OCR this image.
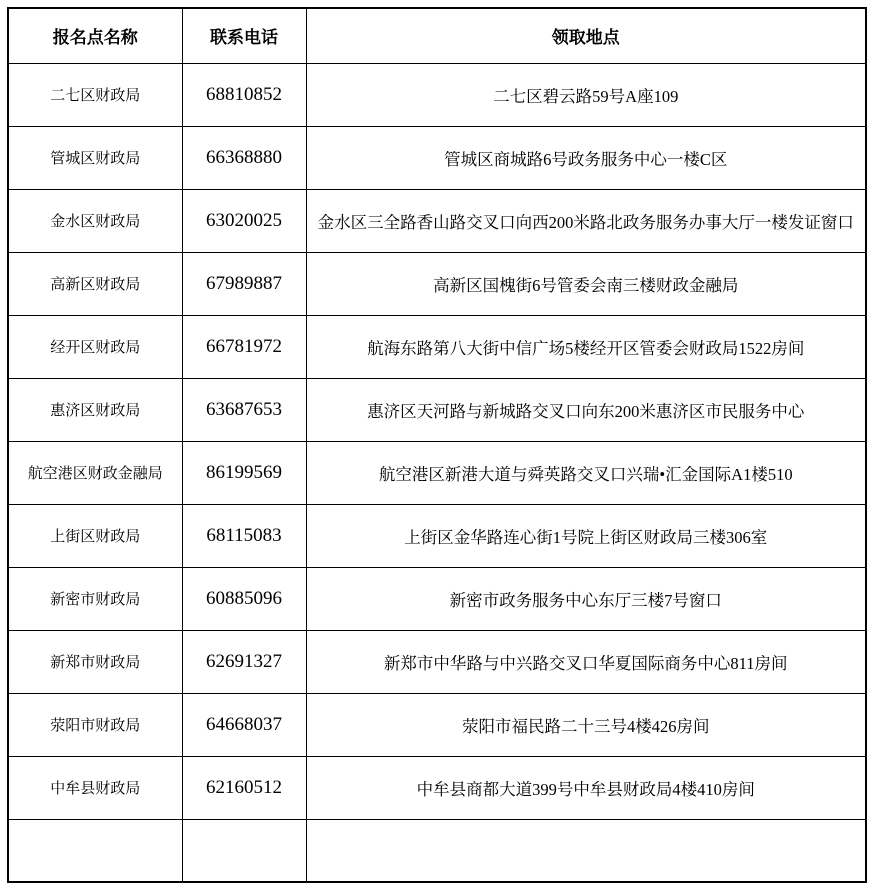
报名点名称	联系电话	领取地点
二七区财政局	68810852	二七区碧云路59号A座109
管城区财政局	66368880	管城区商城路6号政务服务中心一楼C区
金水区财政局	63020025	金水区三全路香山路交叉口向西200米路北政务服务办事大厅一楼发证窗口
高新区财政局	67989887	高新区国槐街6号管委会南三楼财政金融局
经开区财政局	66781972	航海东路第八大街中信广场5楼经开区管委会财政局1522房间
惠济区财政局	63687653	惠济区天河路与新城路交叉口向东200米惠济区市民服务中心
航空港区财政金融局	86199569	航空港区新港大道与舜英路交叉口兴瑞•汇金国际A1楼510
上街区财政局	68115083	上街区金华路连心街1号院上街区财政局三楼306室
新密市财政局	60885096	新密市政务服务中心东厅三楼7号窗口
新郑市财政局	62691327	新郑市中华路与中兴路交叉口华夏国际商务中心811房间
荥阳市财政局	64668037	荥阳市福民路二十三号4楼426房间
中牟县财政局	62160512	中牟县商都大道399号中牟县财政局4楼410房间
